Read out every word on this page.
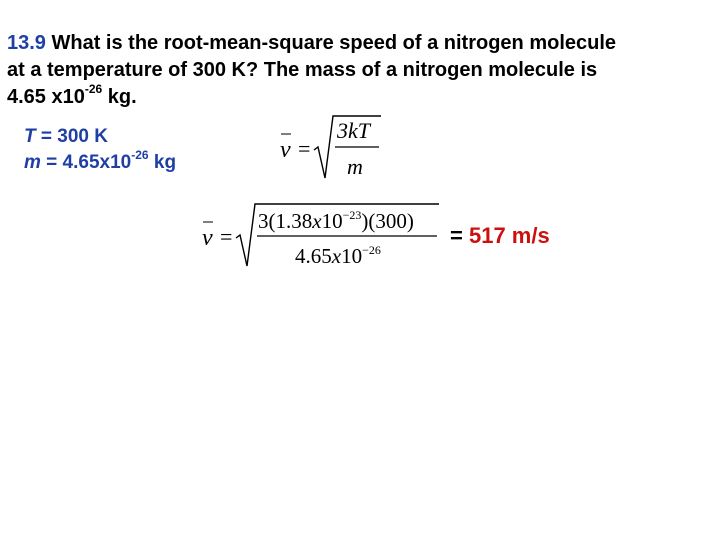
13.9 What is the root-mean-square speed of a nitrogen molecule
at a temperature of 300 K? The mass of a nitrogen molecule is
4.65 $x10^{-26}$ kg.
T = 300 K
$m = 4.65x10^{-26}$ kg	v =
3kT
m
v =
$3(1.38x10^{-23})(300)$
$4.65x10^{-26}$
= 517 m/s
